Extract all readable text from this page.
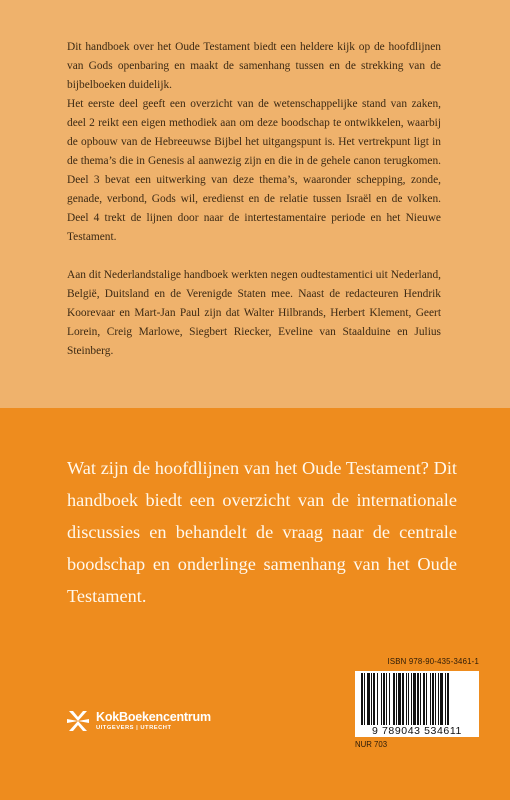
Dit handboek over het Oude Testament biedt een heldere kijk op de hoofdlijnen van Gods openbaring en maakt de samenhang tussen en de strekking van de bijbelboeken duidelijk.

Het eerste deel geeft een overzicht van de wetenschappelijke stand van zaken, deel 2 reikt een eigen methodiek aan om deze boodschap te ontwikkelen, waarbij de opbouw van de Hebreeuwse Bijbel het uitgangspunt is. Het vertrekpunt ligt in de thema’s die in Genesis al aanwezig zijn en die in de gehele canon terugkomen. Deel 3 bevat een uitwerking van deze thema’s, waaronder schepping, zonde, genade, verbond, Gods wil, eredienst en de relatie tussen Israël en de volken. Deel 4 trekt de lijnen door naar de intertestamentaire periode en het Nieuwe Testament.

Aan dit Nederlandstalige handboek werkten negen oudtestamentici uit Nederland, België, Duitsland en de Verenigde Staten mee. Naast de redacteuren Hendrik Koorevaar en Mart-Jan Paul zijn dat Walter Hilbrands, Herbert Klement, Geert Lorein, Creig Marlowe, Siegbert Riecker, Eveline van Staalduine en Julius Steinberg.

Wat zijn de hoofdlijnen van het Oude Testament? Dit handboek biedt een overzicht van de internationale discussies en behandelt de vraag naar de centrale boodschap en onderlinge samenhang van het Oude Testament.
KokBoekencentrum
UITGEVERS | UTRECHT
ISBN 978-90-435-3461-1
9 789043 534611
NUR 703
